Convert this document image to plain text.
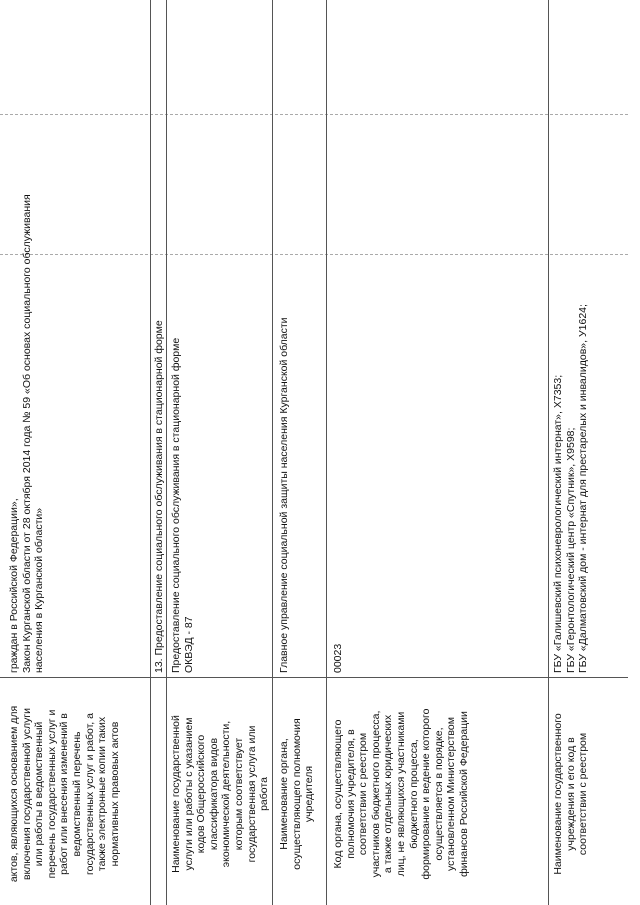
актов, являющихся основанием для
включения государственной услуги
или работы в ведомственный
перечень государственных услуг и
работ или внесения изменений в
ведомственный перечень
государственных услуг и работ, а
также электронные копии таких
нормативных правовых актов
граждан в Российской Федерации», Закон Курганской области от 28 октября 2014 года № 59 «Об основах социального обслуживания населения в Курганской области»	13. Предоставление социального обслуживания в стационарной форме
Наименование государственной
услуги или работы с указанием
кодов Общероссийского
классификатора видов
экономической деятельности,
которым соответствует
государственная услуга или
работа
Предоставление социального обслуживания в стационарной форме ОКВЭД - 87
Наименование органа,
осуществляющего полномочия
учредителя
Главное управление социальной защиты населения Курганской области
Код органа, осуществляющего
полномочия учредителя, в
соответствии с реестром
участников бюджетного процесса,
а также отдельных юридических
лиц, не являющихся участниками
бюджетного процесса,
формирование и ведение которого
осуществляется в порядке,
установленном Министерством
финансов Российской Федерации
00023
Наименование государственного
учреждения и его код в
соответствии с реестром
ГБУ «Галишевский психоневрологический интернат», Х7353; ГБУ «Геронтологический центр «Спутник», Х9598; ГБУ «Далматовский дом - интернат для престарелых и инвалидов», У1624;
